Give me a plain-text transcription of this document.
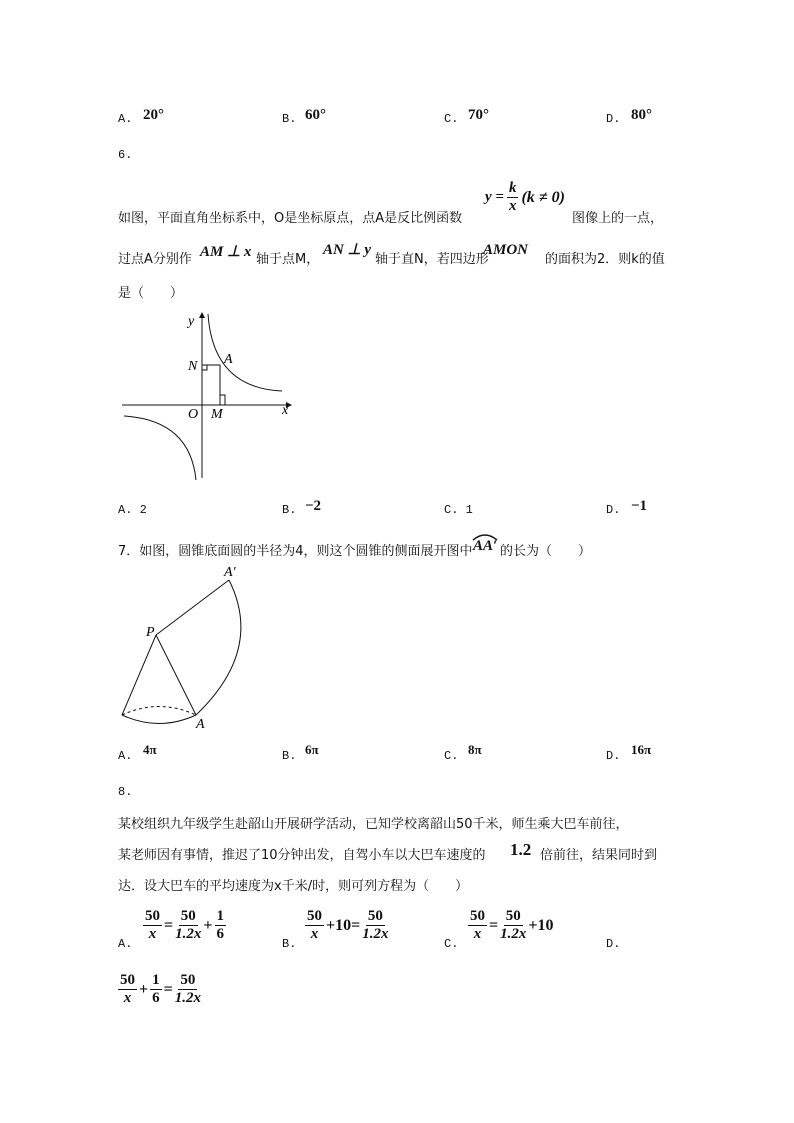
A. 20°	B. 60°	C. 70°	D. 80°
6.
如图，平面直角坐标系中，O是坐标原点，点A是反比例函数
$y = \frac{k}{x} (k \ne 0)$
图像上的一点，
过点A分别作 AM ⊥ x 轴于点M，
AN ⊥ y
轴于直N，若四边形
AMON
的面积为2．则k的值
是（　　）
y
x
N A
O M
A. 2	B. −2	C. 1	D. −1
7．如图，圆锥底面圆的半径为4，则这个圆锥的侧面展开图中 AA′ 的长为（　　）
P
A
A′
A. 4π	B. 6π	C. 8π	D. 16π
8.
某校组织九年级学生赴韶山开展研学活动，已知学校离韶山50千米，师生乘大巴车前往，
某老师因有事情，推迟了10分钟出发，自驾小车以大巴车速度的 1.2 倍前往，结果同时到
达．设大巴车的平均速度为x千米/时，则可列方程为（　　）
A.
$\frac{50}{x} = \frac{50}{1.2x} + \frac{1}{6}$
B.
$\frac{50}{x} +10= \frac{50}{1.2x}$
C.
$\frac{50}{x} = \frac{50}{1.2x} +10$
D.
$\frac{50}{x} + \frac{1}{6} = \frac{50}{1.2x}$
